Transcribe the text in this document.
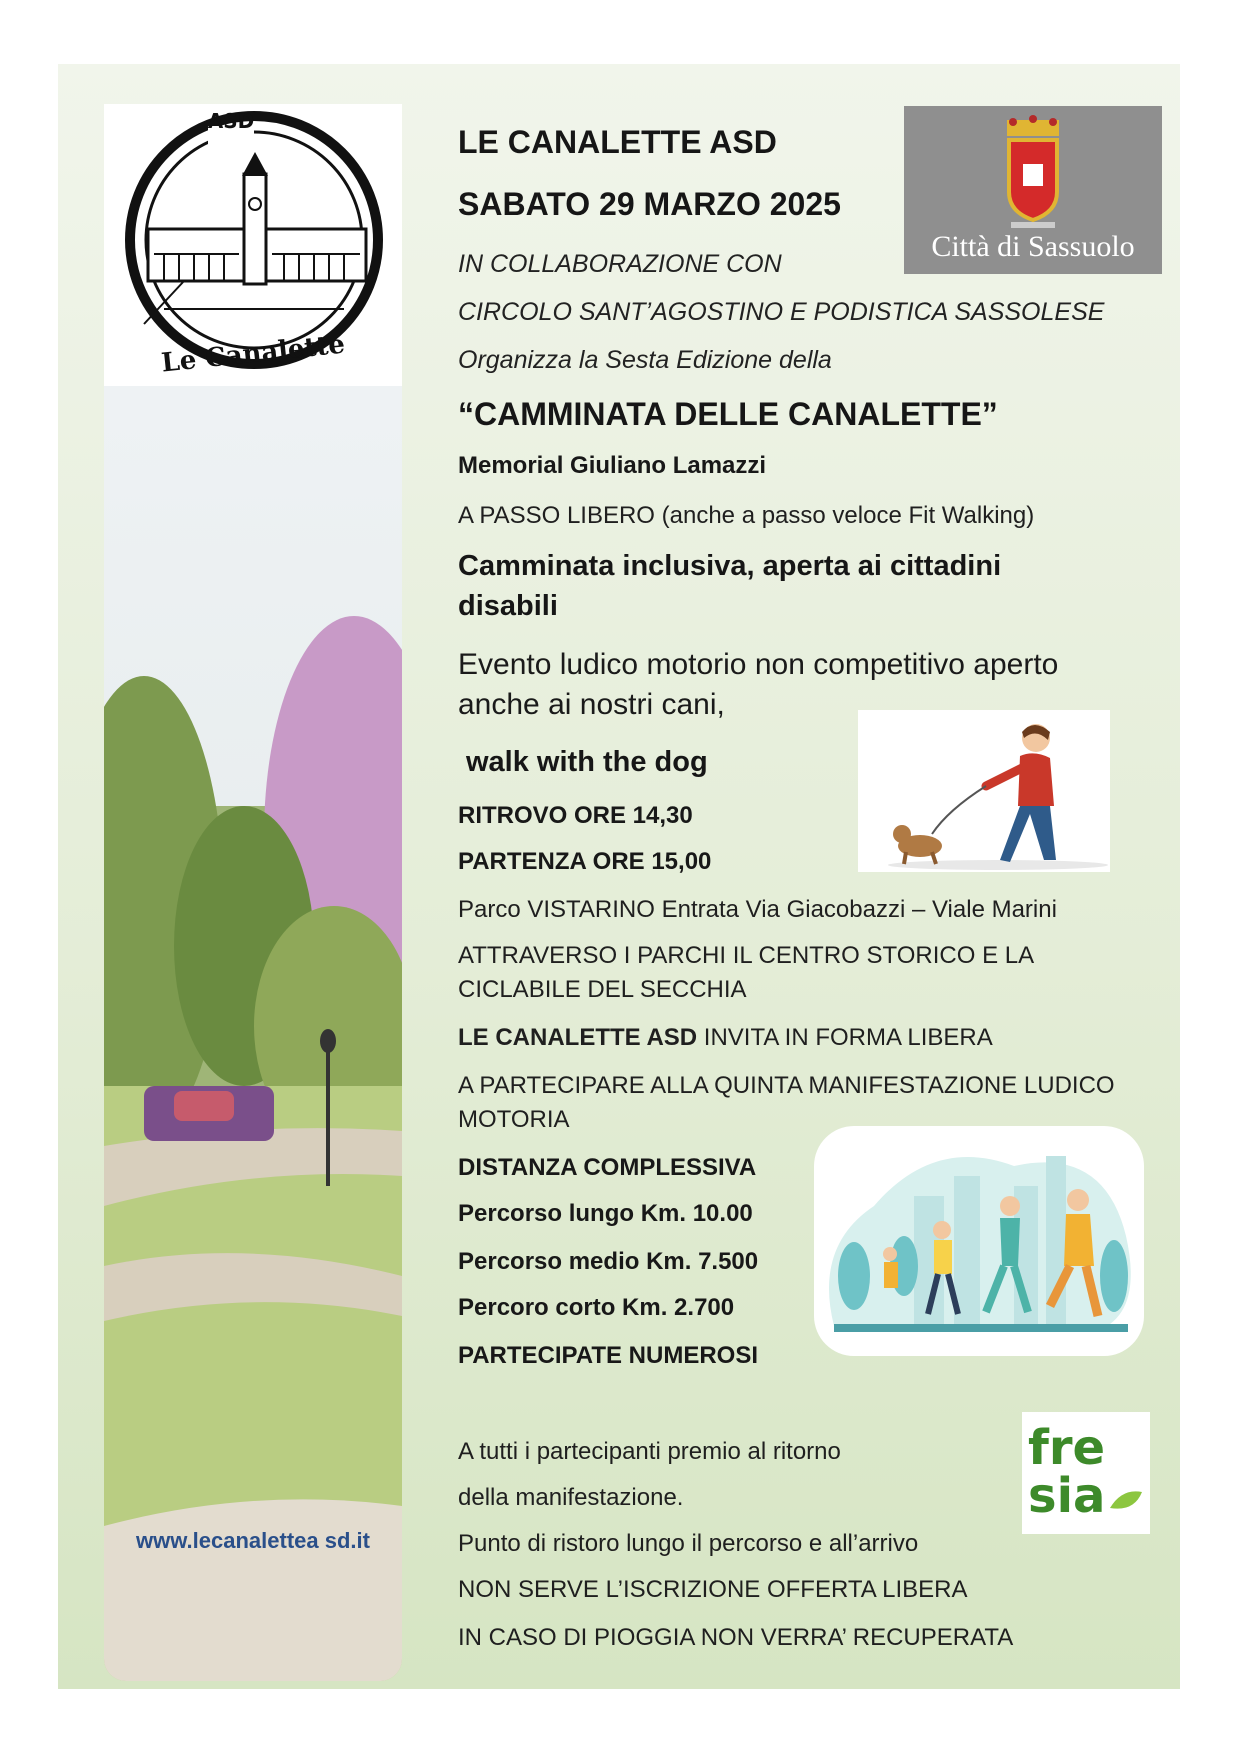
ASD
Le Canalette
www.lecanalettea sd.it
Città di Sassuolo
LE CANALETTE ASD
SABATO 29 MARZO 2025
IN COLLABORAZIONE CON
CIRCOLO SANT’AGOSTINO E PODISTICA SASSOLESE
Organizza la Sesta Edizione della
“CAMMINATA DELLE CANALETTE”
Memorial Giuliano Lamazzi
A PASSO LIBERO (anche a passo veloce Fit Walking)
Camminata inclusiva, aperta ai cittadini
disabili
Evento ludico motorio non competitivo aperto
anche ai nostri cani,
walk with the dog
RITROVO ORE 14,30
PARTENZA ORE 15,00
Parco VISTARINO Entrata Via Giacobazzi – Viale Marini
ATTRAVERSO I PARCHI IL CENTRO STORICO E LA
CICLABILE DEL SECCHIA
LE CANALETTE ASD INVITA IN FORMA LIBERA
A PARTECIPARE ALLA QUINTA MANIFESTAZIONE LUDICO
MOTORIA
DISTANZA COMPLESSIVA
Percorso lungo Km. 10.00
Percorso medio Km. 7.500
Percoro corto Km. 2.700
PARTECIPATE NUMEROSI
A tutti i partecipanti premio al ritorno
della manifestazione.
Punto di ristoro lungo il percorso e all’arrivo
NON SERVE L’ISCRIZIONE OFFERTA LIBERA
IN CASO DI PIOGGIA NON VERRA’ RECUPERATA
fre
sia
